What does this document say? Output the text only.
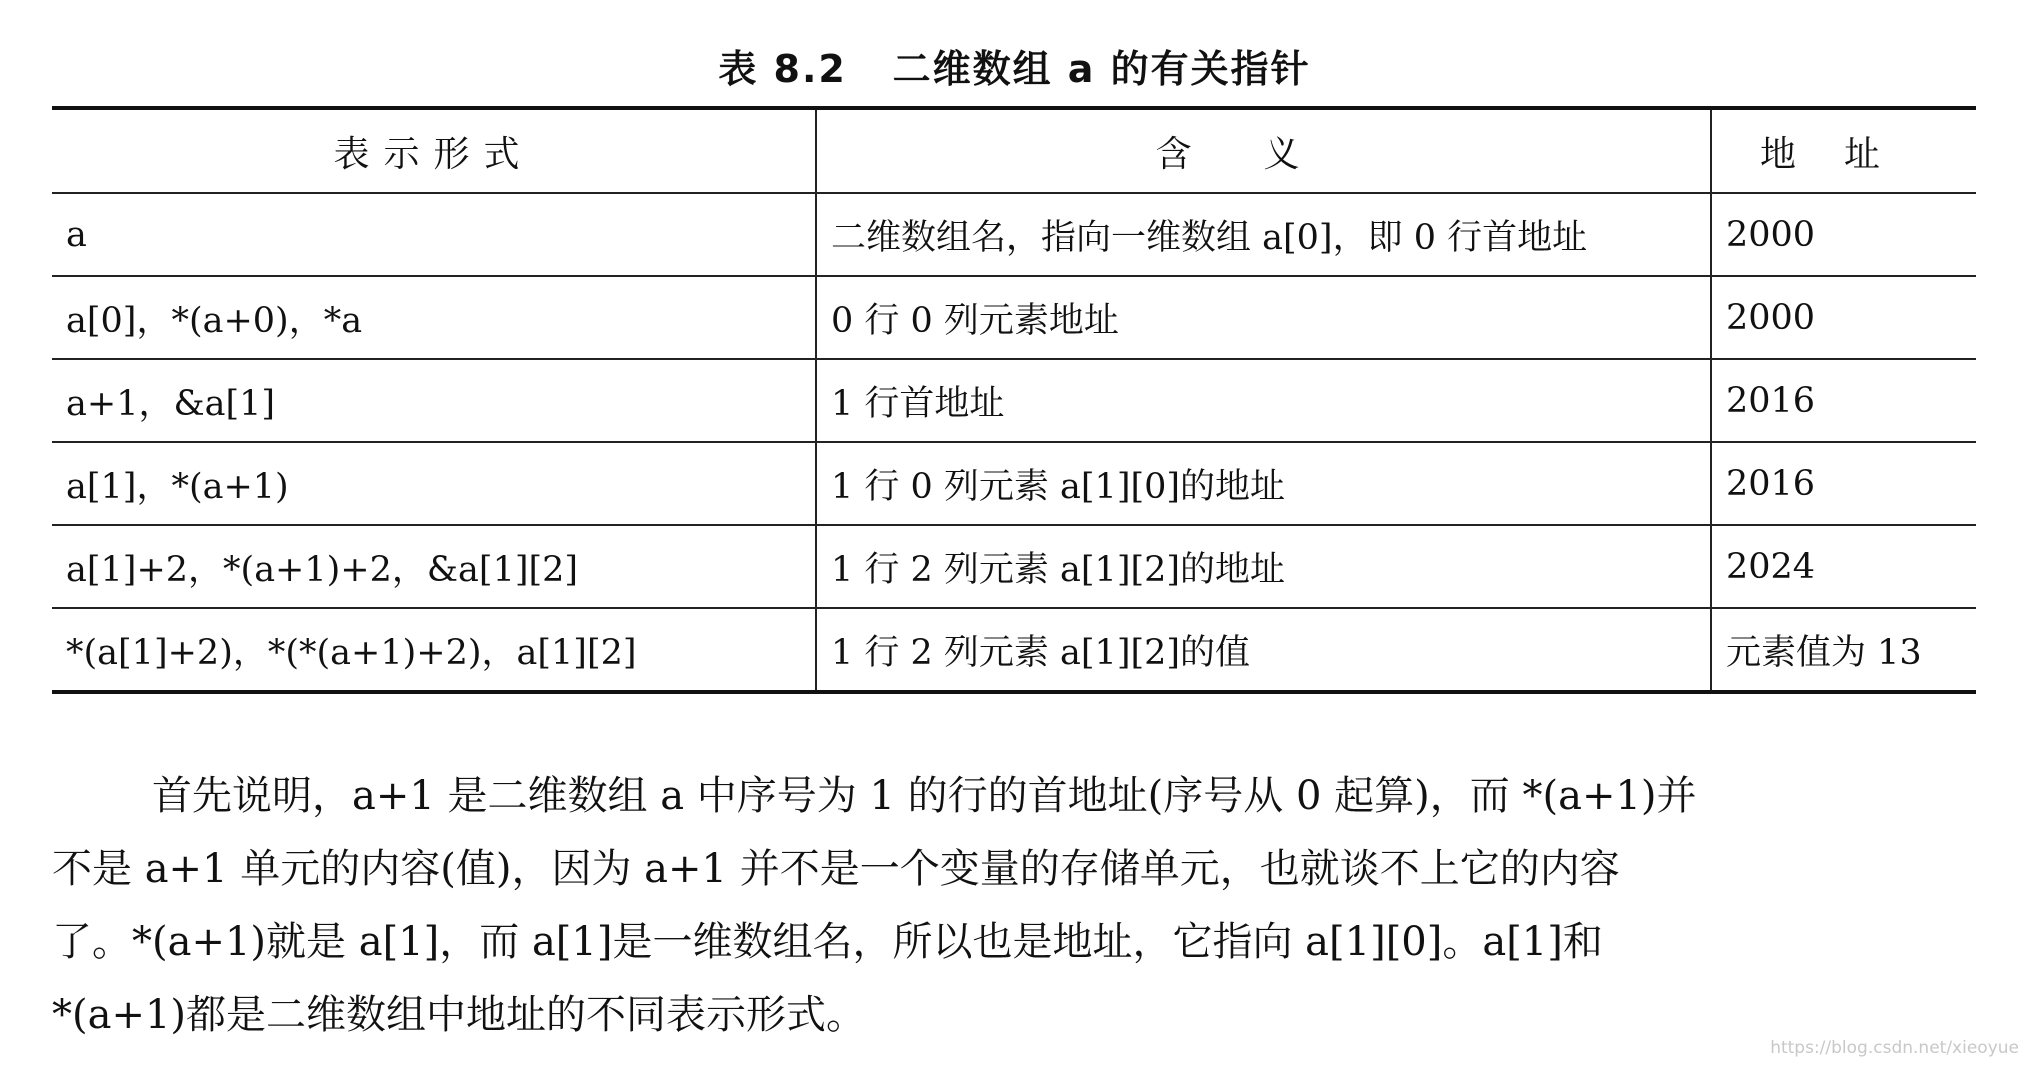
表 8.2   二维数组 a 的有关指针
表示形式	含义	地址
a	二维数组名，指向一维数组 a[0]，即 0 行首地址	2000
a[0]，*(a+0)，*a	0 行 0 列元素地址	2000
a+1，&a[1]	1 行首地址	2016
a[1]，*(a+1)	1 行 0 列元素 a[1][0]的地址	2016
a[1]+2，*(a+1)+2，&a[1][2]	1 行 2 列元素 a[1][2]的地址	2024
*(a[1]+2)，*(*(a+1)+2)，a[1][2]	1 行 2 列元素 a[1][2]的值	元素值为 13
首先说明，a+1 是二维数组 a 中序号为 1 的行的首地址(序号从 0 起算)，而 *(a+1)并
不是 a+1 单元的内容(值)，因为 a+1 并不是一个变量的存储单元，也就谈不上它的内容
了。*(a+1)就是 a[1]，而 a[1]是一维数组名，所以也是地址，它指向 a[1][0]。a[1]和
*(a+1)都是二维数组中地址的不同表示形式。
https://blog.csdn.net/xieoyue
